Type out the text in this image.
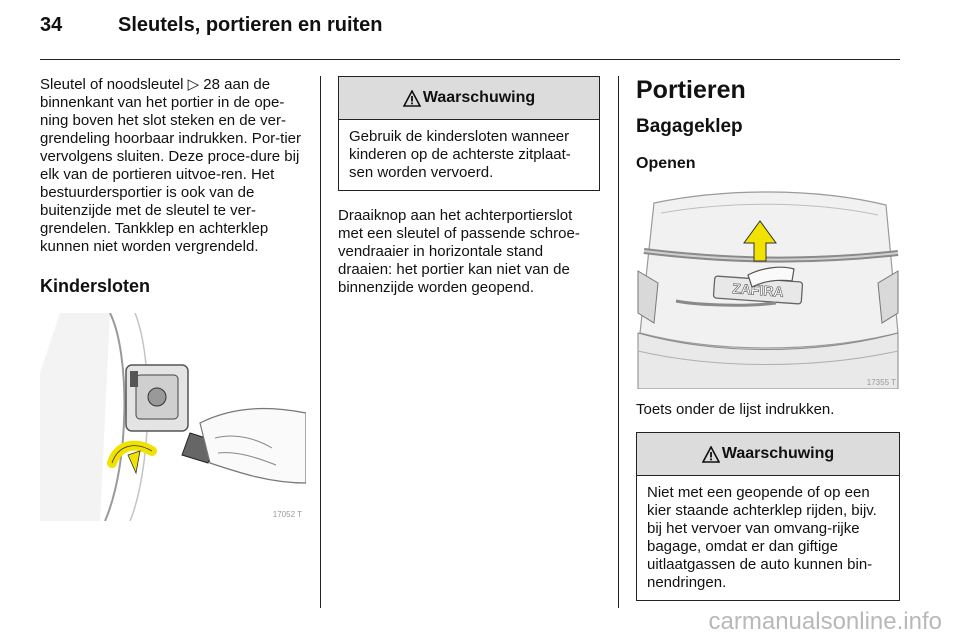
34	Sleutels, portieren en ruiten

Sleutel of noodsleutel ▷ 28 aan de binnenkant van het portier in de ope-ning boven het slot steken en de ver-grendeling hoorbaar indrukken. Por-tier vervolgens sluiten. Deze proce-dure bij elk van de portieren uitvoe-ren. Het bestuurdersportier is ook van de buitenzijde met de sleutel te ver-grendelen. Tankklep en achterklep kunnen niet worden vergrendeld.

Kindersloten
17052 T
Waarschuwing
Gebruik de kindersloten wanneer kinderen op de achterste zitplaat-sen worden vervoerd.

Draaiknop aan het achterportierslot met een sleutel of passende schroe-vendraaier in horizontale stand draaien: het portier kan niet van de binnenzijde worden geopend.

Portieren
Bagageklep
Openen
ZAFIRA
17355 T

Toets onder de lijst indrukken.

Waarschuwing
Niet met een geopende of op een kier staande achterklep rijden, bijv. bij het vervoer van omvang-rijke bagage, omdat er dan giftige uitlaatgassen de auto kunnen bin-nendringen.
carmanualsonline.info
